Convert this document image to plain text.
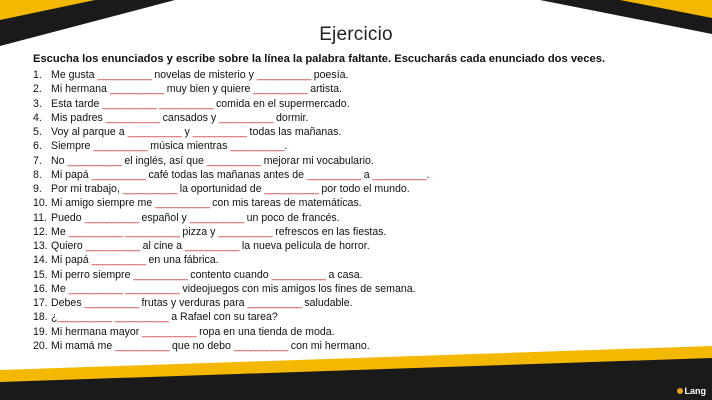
Ejercicio
Escucha los enunciados y escribe sobre la línea la palabra faltante. Escucharás cada enunciado dos veces.
1. Me gusta __________ novelas de misterio y __________ poesía.
2. Mi hermana __________ muy bien y quiere __________ artista.
3. Esta tarde __________ __________ comida en el supermercado.
4. Mis padres __________ cansados y __________ dormir.
5. Voy al parque a __________ y __________ todas las mañanas.
6. Siempre __________ música mientras __________.
7. No __________ el inglés, así que __________ mejorar mi vocabulario.
8. Mi papá __________ café todas las mañanas antes de __________ a __________.
9. Por mi trabajo, __________ la oportunidad de __________ por todo el mundo.
10. Mi amigo siempre me __________ con mis tareas de matemáticas.
11. Puedo __________ español y __________ un poco de francés.
12. Me __________ __________ pizza y __________ refrescos en las fiestas.
13. Quiero __________ al cine a __________ la nueva película de horror.
14. Mi papá __________ en una fábrica.
15. Mi perro siempre __________ contento cuando __________ a casa.
16. Me __________ __________ videojuegos con mis amigos los fines de semana.
17. Debes __________ frutas y verduras para __________ saludable.
18. ¿__________ __________ a Rafael con su tarea?
19. Mi hermana mayor __________ ropa en una tienda de moda.
20. Mi mamá me __________ que no debo __________ con mi hermano.
Lang
